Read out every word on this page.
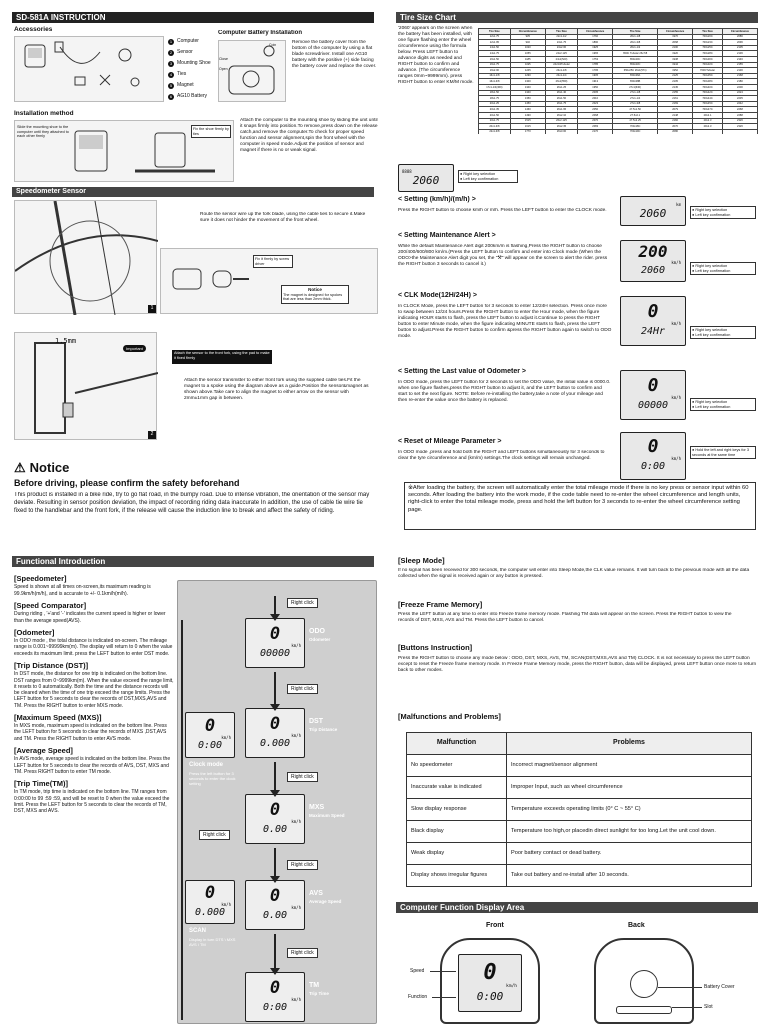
SD-581A INSTRUCTION
Accessories
1 Computer
2 Sensor
3 Mounting Shoe
4 Ties
5 Magnet
6 AG10 Battery
Computer Battery Installation
Coin
Close
Open
Remove the battery cover from the bottom of the computer by using a flat blade screwdriver. Install one AG10 battery with the positive (+) side facing the battery cover and replace the cover.
Installation method
Slide the mounting shoe to the computer until they attached to each other firmly
Fix the shoe firmly by ties
Attach the computer to the mounting shoe by sliding the unit until it snaps firmly into position.To remove,press down on the release catch,and remove the computer.To check for proper speed function and sensor alignment,spin the front wheel with the computer in speed mode.Adjust the position of sensor and magnet if there is no or weak signal.
Speedometer Sensor
1
Route the sensor wire up the fork blade, using the cable ties to secure it.Make sure it does not hinder the movement of the front wheel.
Fix it firmly by screw driver
Notice
The magnet is designed for spokes that are less than 2mm thick.
1.5mm
Important
2
Attach the sensor to the front fork, using the pad to make it fixed firmly
Attach the sensor transmitter to either front fork using the supplied cable ties.Fit the magnet to a spoke using the diagram above as a guide.Position the sensor&magnet as shown above.Take care to align the magnet to either arrow on the sensor with 2mm±1mm gap in between.
⚠ Notice
Before driving, please confirm the safety beforehand
This product is installed in a bike ride, try to go flat road, in the bumpy road. Due to intense vibration, the orientation of the sensor may deviate. Resulting in sensor position deviation, the impact of recording riding data inaccurate In addition, the use of cable tie wire tie fixed to the handlebar and the front fork, if the release will cause the induction line to break and affect the safety of riding.
Tire Size Chart
'2060' appears on the screen when the battery has been installed, with one figure flashing enter the wheel circumference using the formula below. Press LEFT button to advance digits as needed and RIGHT button to confirm and advance. (The circumference ranges 0mm~9999mm). press RIGHT button to enter KM/M mode.
8888
2060	● Right key selection
● Left key confirmation
Tire Size	Circumference	Tire Size	Circumference	Tire Size	Circumference	Tire Size	Circumference
12x1.75	935	22x1-1/2	1760	26x1-1/8	1970	700x20C	2086
12x1.95	940	24x1.75	1890	26x1-3/8	2068	700x23C	2096
14x1.50	1020	24x2.00	1925	26x1-1/2	2100	700x25C	2105
14x1.75	1055	24x2.125	1965	650C Tubular 26x7/8	1920	700x28C	2136
16x1.50	1185	24x1(520)	1753	650x20C	1938	700x30C	2146
16x1.75	1195	24x3/4Tubular	1785	650x23C	1944	700x32C	2155
16x2.00	1245	24x1-1/8	1795	650x25C 26x1(571)	1952	700CTubular	2130
16x1-1/8	1290	24x1-1/4	1905	650x38A	2125	700x35C	2168
16x1-3/8	1300	26x1(559)	1913	650x38B	2105	700x38C	2180
17x1-1/4(369)	1340	26x1.25	1950	27x1(630)	2145	700x40C	2200
18x1.50	1340	26x1.40	2005	27x1-1/8	2155	700x42C	2224
18x1.75	1350	26x1.50	2010	27x1-1/4	2161	700x44C	2235
20x1.25	1450	26x1.75	2023	27x1-3/8	2169	700x45C	2242
20x1.35	1460	26x1.95	2050	27.5x1.50	2079	700x47C	2268
20x1.50	1490	26x2.10	2068	27.5x2.1	2148	29x2.1	2288
20x1.75	1515	26x2.125	2070	27.5x2.25	2182	29x2.3	2326
20x1-3/8	1615	26x2.35	2083	700x18C	2070	29x2.3	2326
22x1-3/8	1770	26x3.00	2170	700x19C	2080		
< Setting (km/h)/(m/h) >
Press the RIGHT button to choose km/h or m/h. Press the LEFT button to enter the CLOCK mode.
km
2060	● Right key selection
● Left key confirmation
< Setting Maintenance Alert >
While the default Maintenance Alert digit 200km/m is flashing,Press the RIGHT button to choose 200/400/600/800 km/m.(Press the LEFT button to confirm and enter into Clock mode (When the ODO>the Maintenance Alert digit you set, the "⚒" will appear on the screen to alert the rider. press the RIGHT button 3 seconds to cancel it.)
200
km/h
2060	● Right key selection
● Left key confirmation
< CLK Mode(12H/24H) >
In CLOCK Mode, press the LEFT button for 3 seconds to enter 12/24H selection. Press once more to swap between 12/24 hours.Press the RIGHT button to enter the Hour mode, when the figure indicating HOUR starts to flash, press the LEFT button to adjust it.Continue to press the RIGHT button to enter Minute mode, when the figure indicating MINUTE starts to flash, press the LEFT button to adjust.Press the RIGHT button to confirm &press the RIGHT button again to switch to ODO mode.
0
km/h
24Hr	● Right key selection
● Left key confirmation
< Setting the Last value of Odometer >
In ODO mode, press the LEFT button for 2 seconds to set the ODO value, the initial value is 0000.0. when one figure flashes,press the RIGHT button to adjust it, and the LEFT button to confirm and start to set the next figure. NOTE: Before re-installing the battery,take a note of your mileage and then re-enter the value once the battery is replaced.
0
km/h
00000	● Right key selection
● Left key confirmation
< Reset of Mileage Parameter >
In ODO mode ,press and hold both the RIGHT and LEFT buttons simultaneously for 3 seconds to clear the tyre circumference and (km/m) settings.The clock settings will remain unchanged.
0
km/h
0:00
● Hold the left and right keys for 3 seconds at the same time
※After loading the battery, the screen will automatically enter the total mileage mode if there is no key press or sensor input within 60 seconds. After loading the battery into the work mode, if the code table need to re-enter the wheel circumference and length units, right-click to enter the total mileage mode, press and hold the left button for 3 seconds to re-enter the wheel circumference setting page.
Functional Introduction
[Speedometer]
Speed is shown at all times on-screen,its maximum reading is 99.9km/h(m/h), and is accurate to +/- 0.1km/h(m/h).
[Speed Comparator]
During riding , '+'and '-' indicates the current speed is higher or lower than the average speed(AVS).
[Odometer]
In ODO mode , the total distance is indicated on-screen. The mileage range is 0.001~99999km(m). The display will return to 0 when the value exceeds its maximum limit. press the LEFT button to enter DST mode.
[Trip Distance (DST)]
In DST mode, the distance for one trip is indicated on the bottom line. DST ranges from 0~9999km(m). When the value exceed the range limit, it resets to 0 automatically. Both the time and the distance records will be cleared when the time of one trip exceed the range limits. Press the LEFT button for 5 seconds to clear the records of DST,MXS,AVS and TM. Press the RIGHT button to enter MXS mode.
[Maximum Speed (MXS)]
In MXS mode, maximum speed is indicated on the bottom line. Press the LEFT button for 5 seconds to clear the records of MXS ,DST,AVS and TM. Press the RIGHT button to enter AVS mode.
[Average Speed]
In AVS mode, average speed is indicated on the bottom line. Press the LEFT button for 5 seconds to clear the records of AVS, DST, MXS and TM. Press RIGHT button to enter TM mode.
[Trip Time(TM)]
In TM mode, trip time is indicated on the bottom line. TM ranges from 0:00:00 to 99 :59 :59, and will be reset to 0 when the value exceed the limit. Press the LEFT button for 5 seconds to clear the records of TM, DST, MXS and AVS.
0
km/h
00000
ODO
Odometer
0
km/h
0.000
DST
Trip Distance
0
km/h
0.00
MXS
Maximum Speed
0
km/h
0.00
AVS
Average Speed
0
km/h
0:00
TM
Trip Time
Right click
Right click
Right click
Right click
Right click
0
km/h
0:00
Clock mode
Press the left button for 3 seconds to enter the clock setting
Right click
0
km/h
0.000
SCAN
Display in turn DTS \ MXS AVS \ TM
[Sleep Mode]
If no signal has been received for 300 seconds, the computer will enter into Sleep Mode,the CLK value remains. It will turn back to the previous mode with all the data collected when the signal is received again or any button is pressed.
[Freeze Frame Memory]
Press the LEFT button at any time to enter into Freeze frame memory mode. Flashing TM data will appear on the screen. Press the RIGHT button to view the records of DST, MXS, AVS and TM. Press the LEFT button to cancel.
[Buttons Instruction]
Press the RIGHT button to choose any mode below : ODO, DST, MXS, AVS, TM, SCAN(DST,MXS,AVS and TM) CLOCK. It is not necessary to press the LEFT button except to reset the Freeze frame memory mode. In Freeze Frame Memory mode, press the RIGHT button, data will be displayed, press LEFT button once more to return back to other modes.
[Malfunctions and Problems]
Malfunction	Problems
No speedometer	Incorrect magnet/sensor alignment
Inaccurate value is indicated	Improper Input, such as wheel circumference
Slow display response	Temperature exceeds operating limits (0° C ~ 55° C)
Black display	Temperature too high,or placedin direct sunlight for too long.Let the unit cool down.
Weak display	Poor battery contact or dead battery.
Display shows irregular figures	Take out battery and re-install after 10 seconds.
Computer Function Display Area
Front	Back
0
km/h
0:00
Speed
Function
Battery Cover
Slot
